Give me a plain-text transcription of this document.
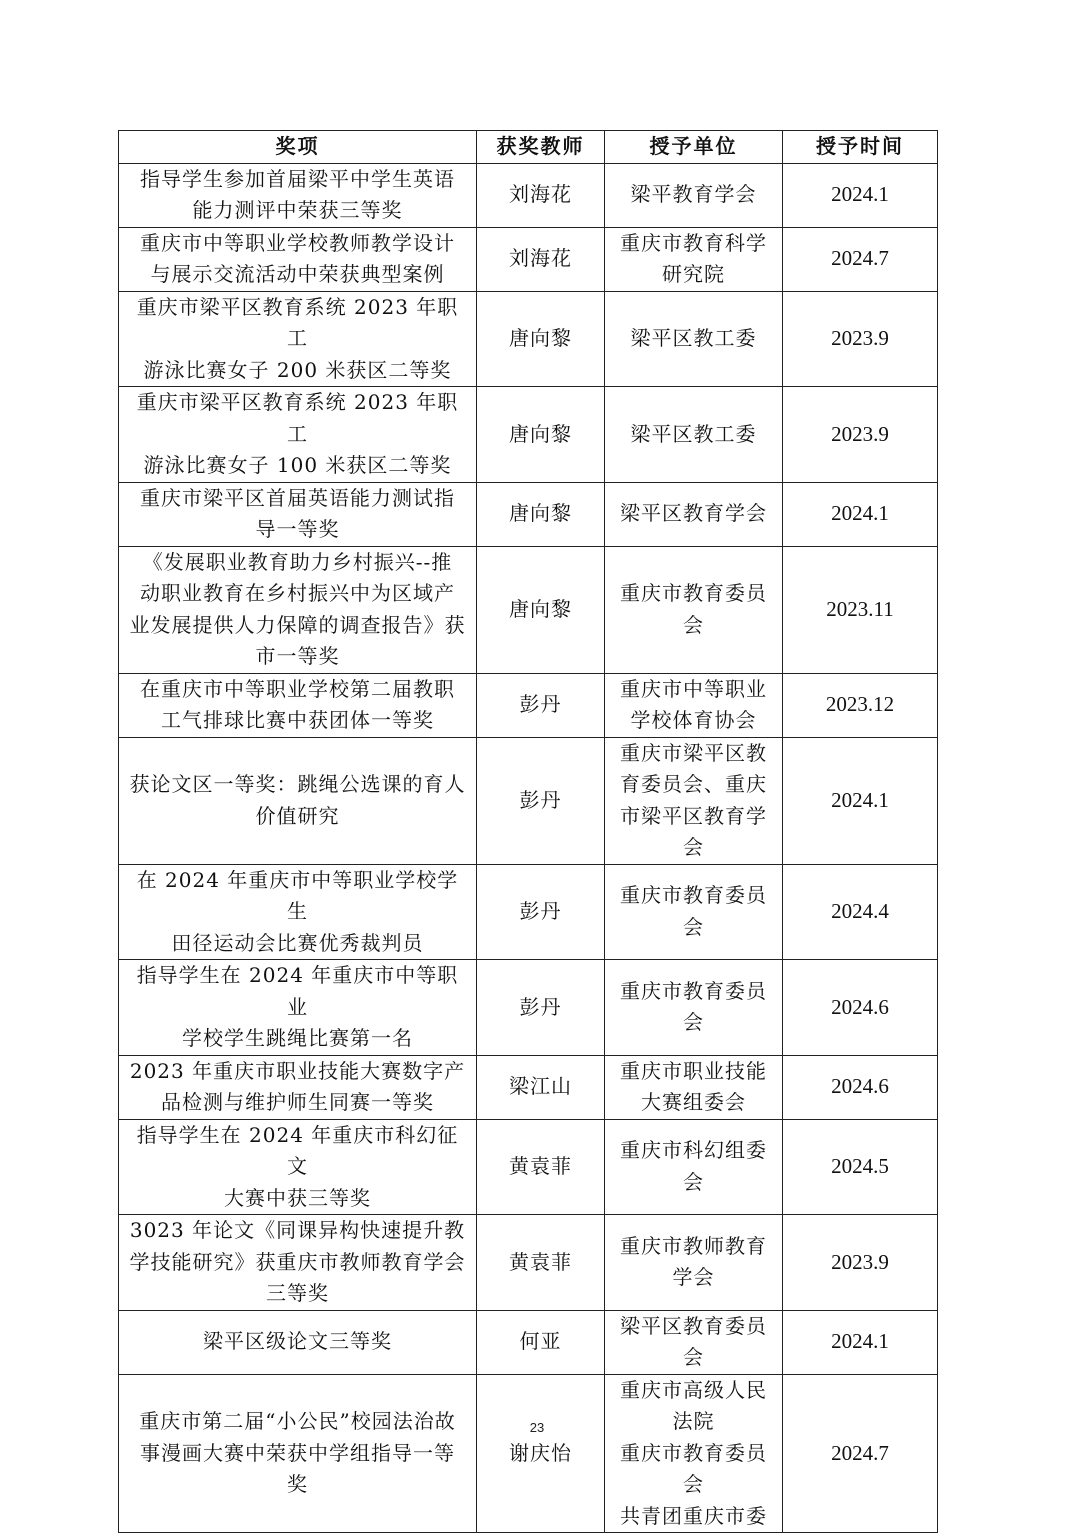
奖项	获奖教师	授予单位	授予时间

指导学生参加首届梁平中学生英语
能力测评中荣获三等奖	刘海花	梁平教育学会	2024.1

重庆市中等职业学校教师教学设计
与展示交流活动中荣获典型案例	刘海花	重庆市教育科学
研究院	2024.7

重庆市梁平区教育系统 2023 年职工
游泳比赛女子 200 米获区二等奖	唐向黎	梁平区教工委	2023.9

重庆市梁平区教育系统 2023 年职工
游泳比赛女子 100 米获区二等奖	唐向黎	梁平区教工委	2023.9

重庆市梁平区首届英语能力测试指
导一等奖	唐向黎	梁平区教育学会	2024.1

《发展职业教育助力乡村振兴--推
动职业教育在乡村振兴中为区域产
业发展提供人力保障的调查报告》获
市一等奖	唐向黎	重庆市教育委员
会	2023.11

在重庆市中等职业学校第二届教职
工气排球比赛中获团体一等奖	彭丹	重庆市中等职业
学校体育协会	2023.12

获论文区一等奖：跳绳公选课的育人
价值研究	彭丹	重庆市梁平区教
育委员会、重庆
市梁平区教育学
会	2024.1

在 2024 年重庆市中等职业学校学生
田径运动会比赛优秀裁判员	彭丹	重庆市教育委员
会	2024.4

指导学生在 2024 年重庆市中等职业
学校学生跳绳比赛第一名	彭丹	重庆市教育委员
会	2024.6

2023 年重庆市职业技能大赛数字产
品检测与维护师生同赛一等奖	梁江山	重庆市职业技能
大赛组委会	2024.6

指导学生在 2024 年重庆市科幻征文
大赛中获三等奖	黄袁菲	重庆市科幻组委
会	2024.5

3023 年论文《同课异构快速提升教
学技能研究》获重庆市教师教育学会
三等奖	黄袁菲	重庆市教师教育
学会	2023.9

梁平区级论文三等奖	何亚	梁平区教育委员
会	2024.1

重庆市第二届“小公民”校园法治故
事漫画大赛中荣获中学组指导一等
奖	谢庆怡	重庆市高级人民
法院
重庆市教育委员
会
共青团重庆市委	2024.7
23
